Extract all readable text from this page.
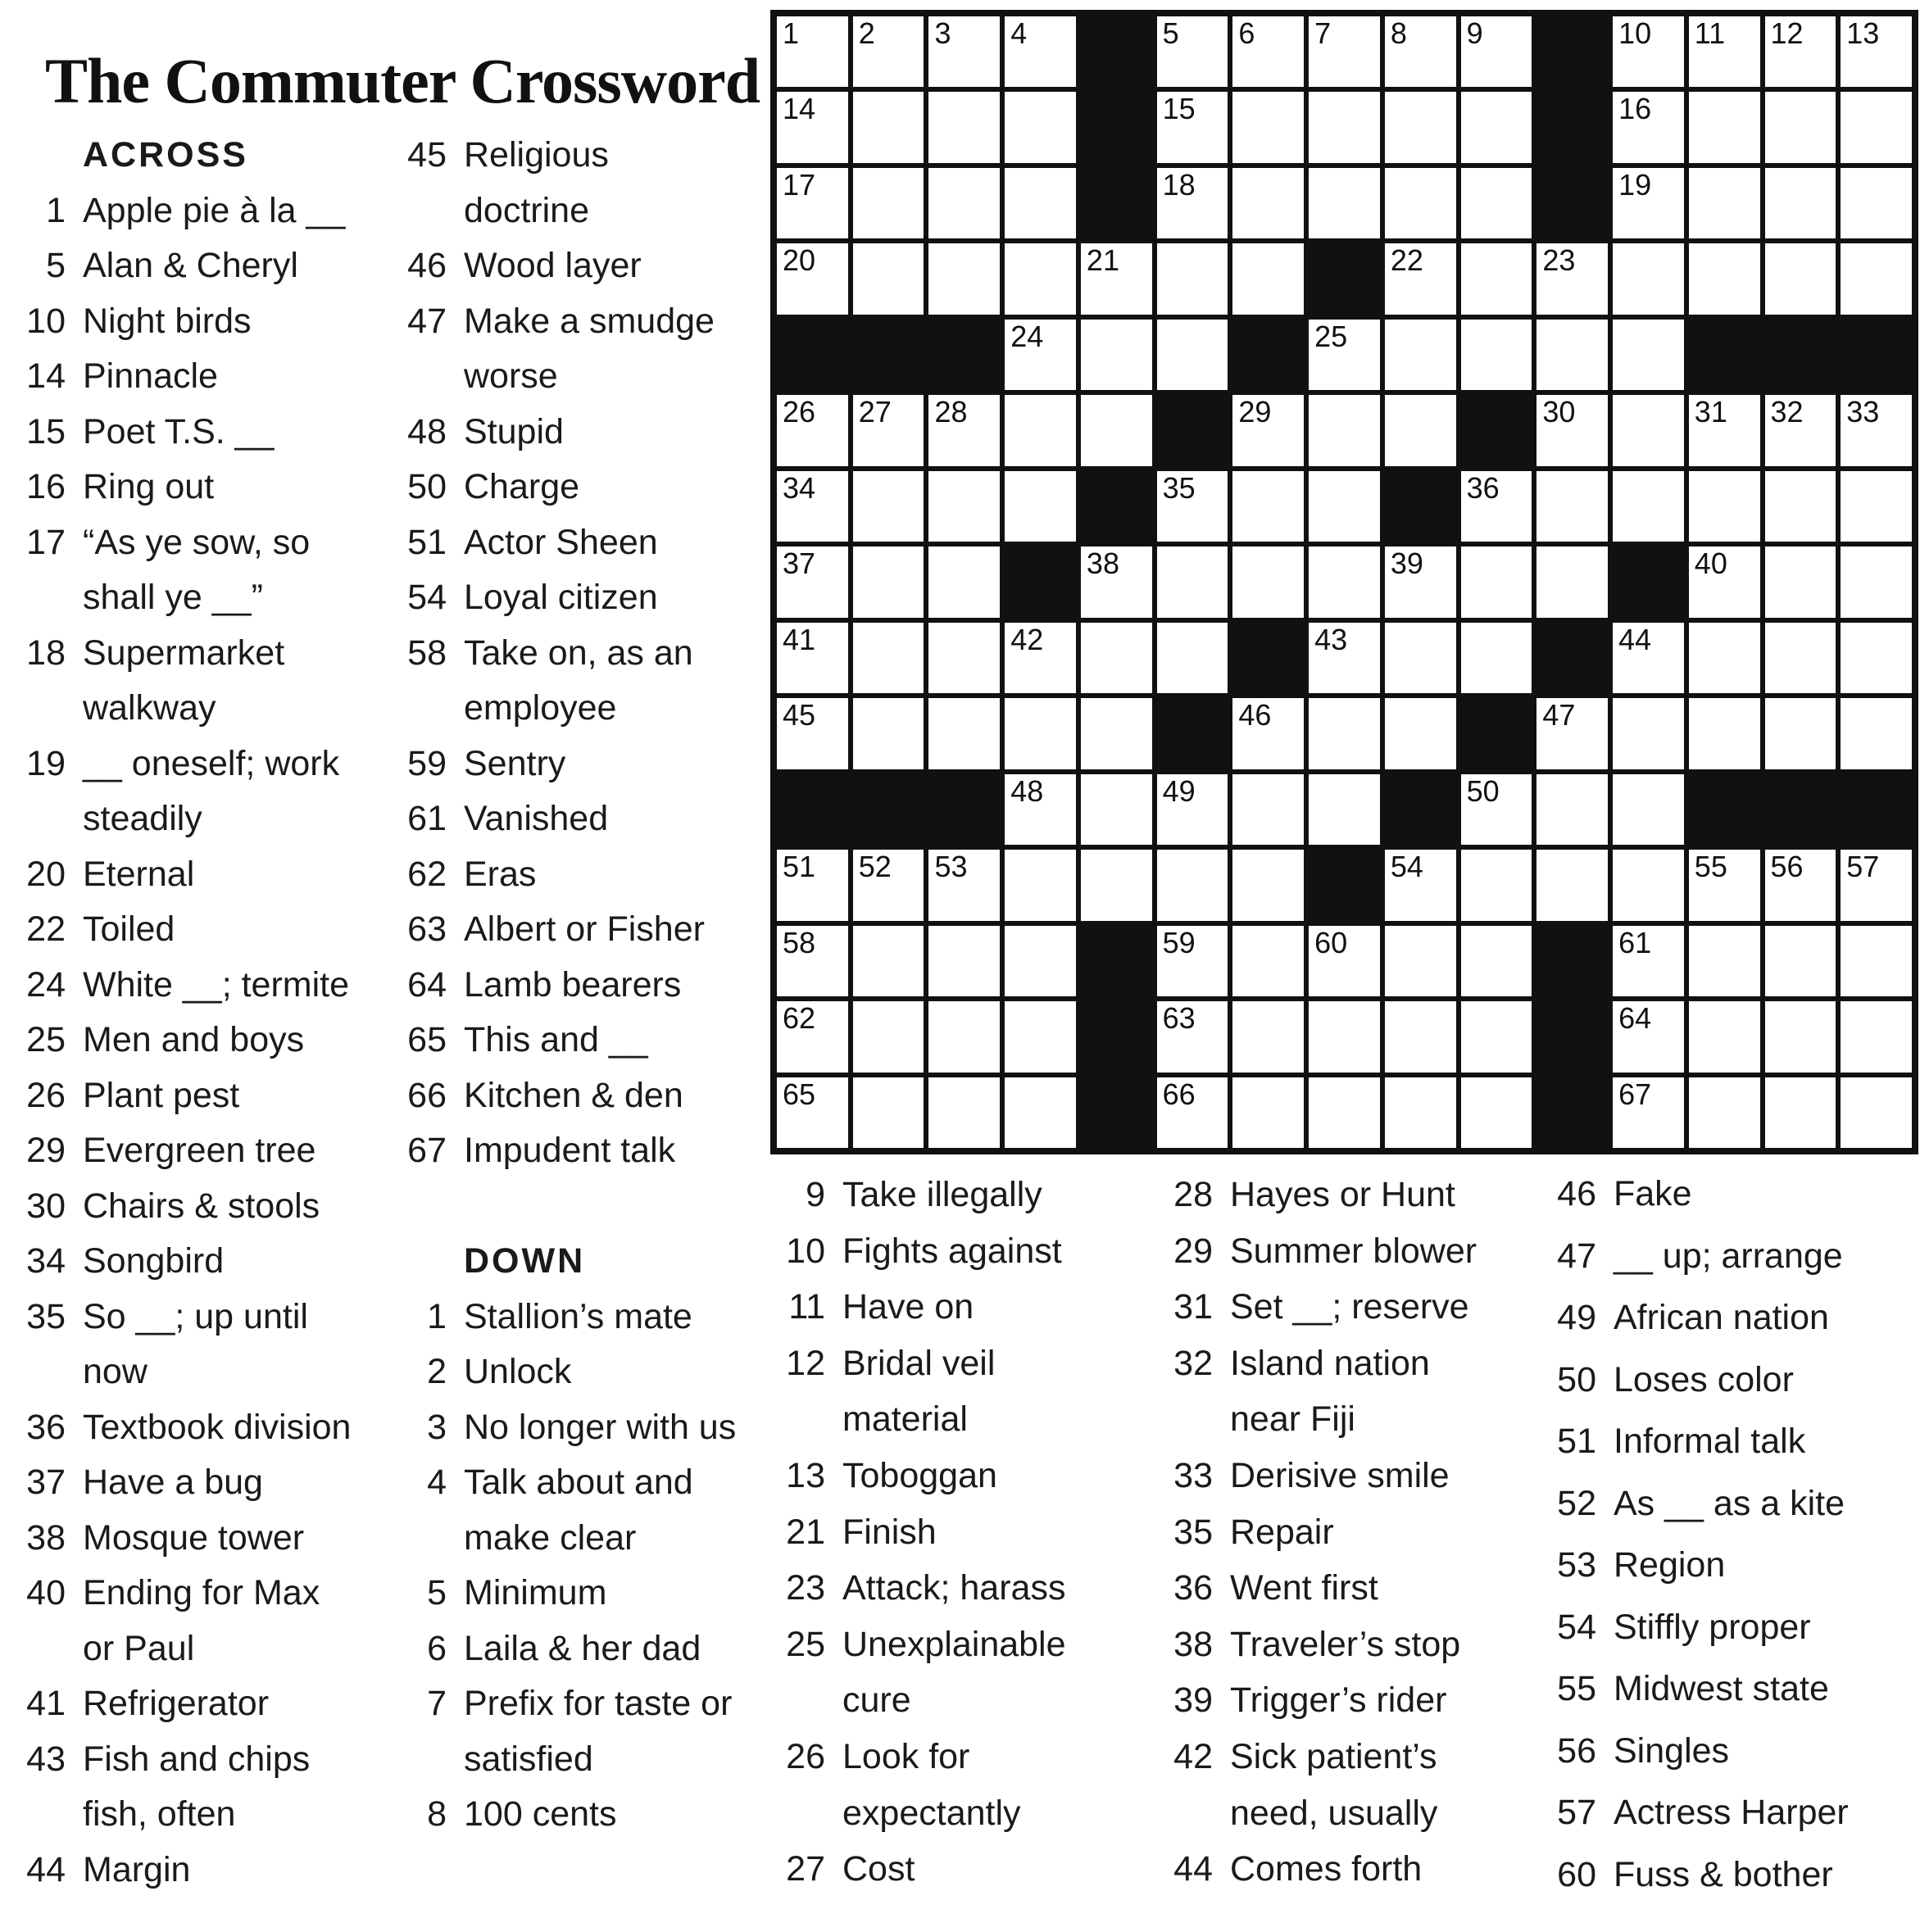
The Commuter Crossword
1 2 3 4	5 6 7 8 9	10 11 12 13
14	15	16
17	18	19
20	21	22	23
24	25
26 27 28	29	30	31 32 33
34	35	36
37	38	39	40
41	42	43	44
45	46	47
48	49	50
51 52 53	54	55 56 57
58	59	60	61
62	63	64
65	66	67
ACROSS
1 Apple pie à la __
5 Alan & Cheryl
10 Night birds
14 Pinnacle
15 Poet T.S. __
16 Ring out
17 “As ye sow, so
shall ye __”
18 Supermarket
walkway
19 __ oneself; work
steadily
20 Eternal
22 Toiled
24 White __; termite
25 Men and boys
26 Plant pest
29 Evergreen tree
30 Chairs & stools
34 Songbird
35 So __; up until
now
36 Textbook division
37 Have a bug
38 Mosque tower
40 Ending for Max
or Paul
41 Refrigerator
43 Fish and chips
fish, often
44 Margin
45 Religious
doctrine
46 Wood layer
47 Make a smudge
worse
48 Stupid
50 Charge
51 Actor Sheen
54 Loyal citizen
58 Take on, as an
employee
59 Sentry
61 Vanished
62 Eras
63 Albert or Fisher
64 Lamb bearers
65 This and __
66 Kitchen & den
67 Impudent talk
DOWN
1 Stallion’s mate
2 Unlock
3 No longer with us
4 Talk about and
make clear
5 Minimum
6 Laila & her dad
7 Prefix for taste or
satisfied
8 100 cents
9 Take illegally
10 Fights against
11 Have on
12 Bridal veil
material
13 Toboggan
21 Finish
23 Attack; harass
25 Unexplainable
cure
26 Look for
expectantly
27 Cost
28 Hayes or Hunt
29 Summer blower
31 Set __; reserve
32 Island nation
near Fiji
33 Derisive smile
35 Repair
36 Went first
38 Traveler’s stop
39 Trigger’s rider
42 Sick patient’s
need, usually
44 Comes forth
46 Fake
47 __ up; arrange
49 African nation
50 Loses color
51 Informal talk
52 As __ as a kite
53 Region
54 Stiffly proper
55 Midwest state
56 Singles
57 Actress Harper
60 Fuss & bother
